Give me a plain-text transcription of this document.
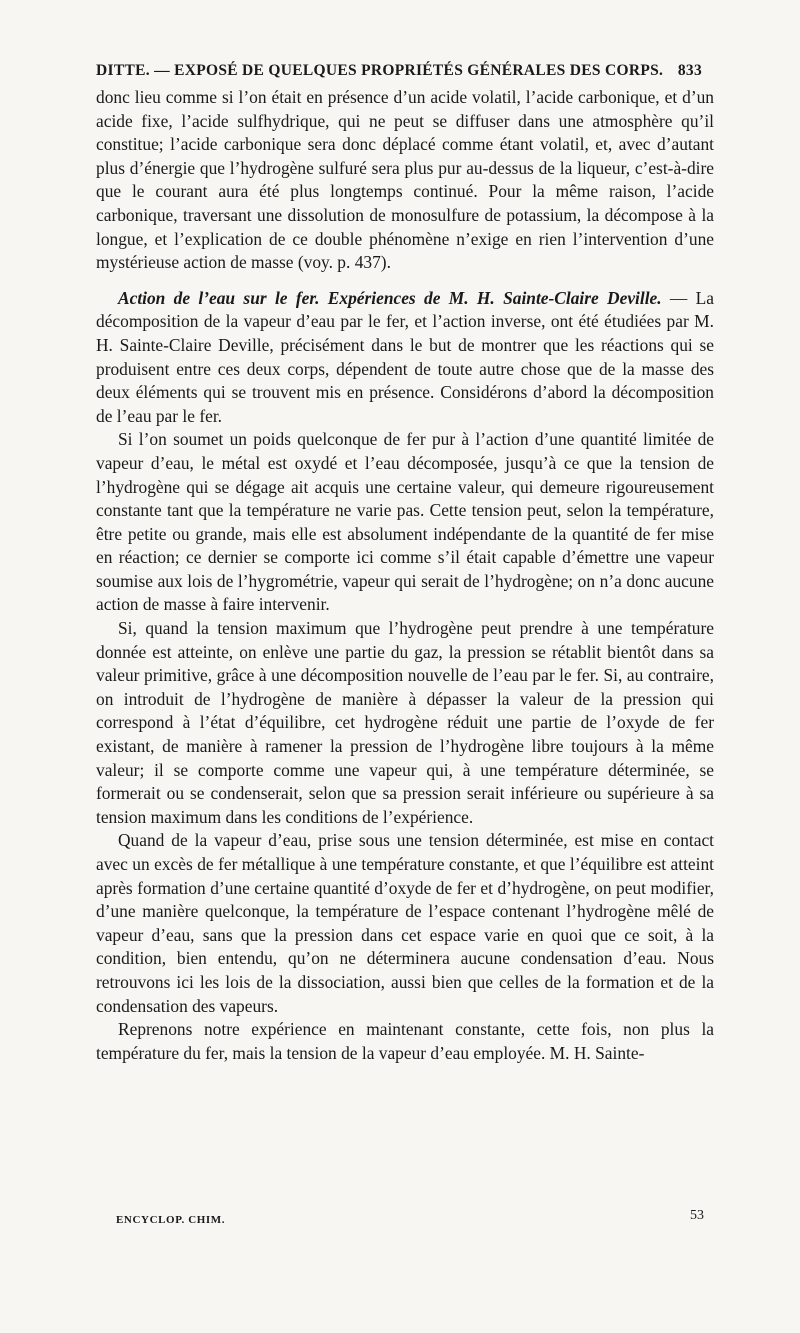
DITTE. — EXPOSÉ DE QUELQUES PROPRIÉTÉS GÉNÉRALES DES CORPS. 833

donc lieu comme si l’on était en présence d’un acide volatil, l’acide carbonique, et d’un acide fixe, l’acide sulfhydrique, qui ne peut se diffuser dans une atmosphère qu’il constitue; l’acide carbonique sera donc déplacé comme étant volatil, et, avec d’autant plus d’énergie que l’hydrogène sulfuré sera plus pur au-dessus de la liqueur, c’est-à-dire que le courant aura été plus longtemps continué. Pour la même raison, l’acide carbonique, traversant une dissolution de monosulfure de potassium, la décompose à la longue, et l’explication de ce double phénomène n’exige en rien l’intervention d’une mystérieuse action de masse (voy. p. 437).

Action de l’eau sur le fer. Expériences de M. H. Sainte-Claire Deville. — La décomposition de la vapeur d’eau par le fer, et l’action inverse, ont été étudiées par M. H. Sainte-Claire Deville, précisément dans le but de montrer que les réactions qui se produisent entre ces deux corps, dépendent de toute autre chose que de la masse des deux éléments qui se trouvent mis en présence. Considérons d’abord la décomposition de l’eau par le fer.

Si l’on soumet un poids quelconque de fer pur à l’action d’une quantité limitée de vapeur d’eau, le métal est oxydé et l’eau décomposée, jusqu’à ce que la tension de l’hydrogène qui se dégage ait acquis une certaine valeur, qui demeure rigoureusement constante tant que la température ne varie pas. Cette tension peut, selon la température, être petite ou grande, mais elle est absolument indépendante de la quantité de fer mise en réaction; ce dernier se comporte ici comme s’il était capable d’émettre une vapeur soumise aux lois de l’hygrométrie, vapeur qui serait de l’hydrogène; on n’a donc aucune action de masse à faire intervenir.

Si, quand la tension maximum que l’hydrogène peut prendre à une température donnée est atteinte, on enlève une partie du gaz, la pression se rétablit bientôt dans sa valeur primitive, grâce à une décomposition nouvelle de l’eau par le fer. Si, au contraire, on introduit de l’hydrogène de manière à dépasser la valeur de la pression qui correspond à l’état d’équilibre, cet hydrogène réduit une partie de l’oxyde de fer existant, de manière à ramener la pression de l’hydrogène libre toujours à la même valeur; il se comporte comme une vapeur qui, à une température déterminée, se formerait ou se condenserait, selon que sa pression serait inférieure ou supérieure à sa tension maximum dans les conditions de l’expérience.

Quand de la vapeur d’eau, prise sous une tension déterminée, est mise en contact avec un excès de fer métallique à une température constante, et que l’équilibre est atteint après formation d’une certaine quantité d’oxyde de fer et d’hydrogène, on peut modifier, d’une manière quelconque, la température de l’espace contenant l’hydrogène mêlé de vapeur d’eau, sans que la pression dans cet espace varie en quoi que ce soit, à la condition, bien entendu, qu’on ne déterminera aucune condensation d’eau. Nous retrouvons ici les lois de la dissociation, aussi bien que celles de la formation et de la condensation des vapeurs.

Reprenons notre expérience en maintenant constante, cette fois, non plus la température du fer, mais la tension de la vapeur d’eau employée. M. H. Sainte-

ENCYCLOP. CHIM.	53
